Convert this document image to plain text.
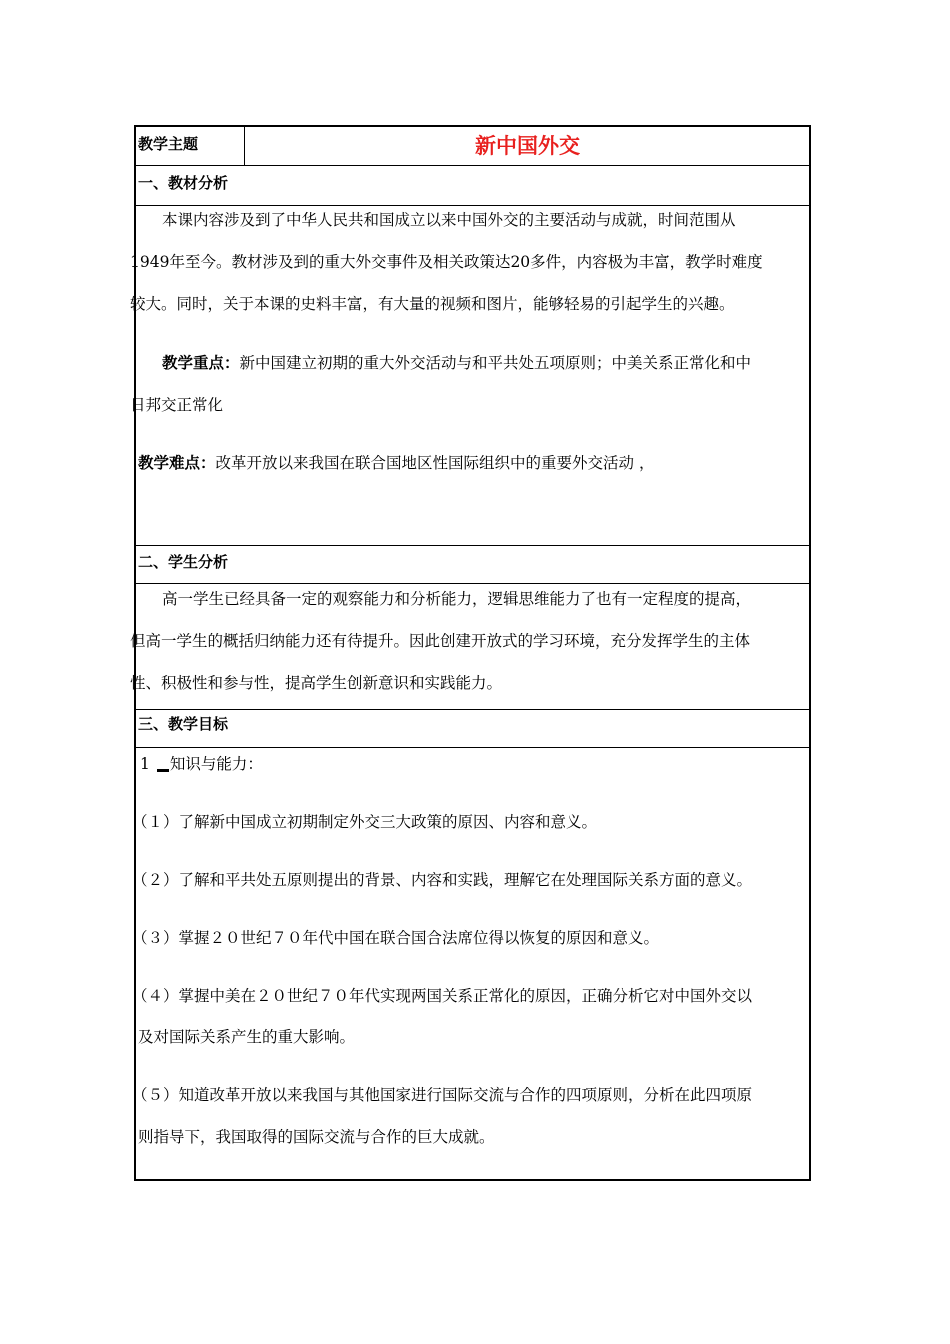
教学主题	新中国外交
一、教材分析
本课内容涉及到了中华人民共和国成立以来中国外交的主要活动与成就，时间范围从
1949年至今。教材涉及到的重大外交事件及相关政策达20多件，内容极为丰富，教学时难度
较大。同时，关于本课的史料丰富，有大量的视频和图片，能够轻易的引起学生的兴趣。
教学重点：新中国建立初期的重大外交活动与和平共处五项原则；中美关系正常化和中
日邦交正常化
教学难点：改革开放以来我国在联合国地区性国际组织中的重要外交活动 ，
二、学生分析
高一学生已经具备一定的观察能力和分析能力，逻辑思维能力了也有一定程度的提高，
但高一学生的概括归纳能力还有待提升。因此创建开放式的学习环境，充分发挥学生的主体
性、积极性和参与性，提高学生创新意识和实践能力。
三、教学目标
1 知识与能力：
（１）了解新中国成立初期制定外交三大政策的原因、内容和意义。
（２）了解和平共处五原则提出的背景、内容和实践，理解它在处理国际关系方面的意义。
（３）掌握２０世纪７０年代中国在联合国合法席位得以恢复的原因和意义。
（４）掌握中美在２０世纪７０年代实现两国关系正常化的原因，正确分析它对中国外交以
及对国际关系产生的重大影响。
（５）知道改革开放以来我国与其他国家进行国际交流与合作的四项原则，分析在此四项原
则指导下，我国取得的国际交流与合作的巨大成就。
